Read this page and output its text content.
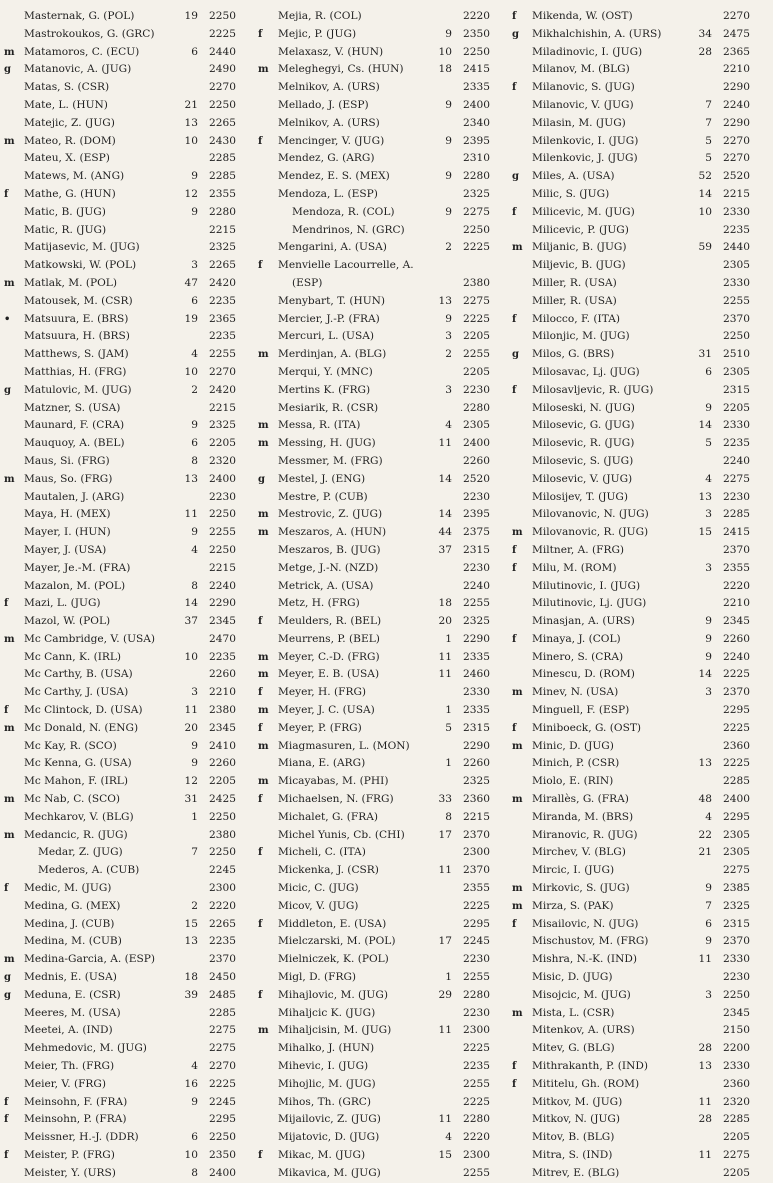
Masternak, G. (POL)	19	2250
Mastrokoukos, G. (GRC)	2225
m Matamoros, C. (ECU)	6	2440
g	Matanovic, A. (JUG)	2490
Matas, S. (CSR)	2270
Mate, L. (HUN)	21	2250
Matejic, Z. (JUG)	13	2265
m Mateo, R. (DOM)	10	2430
Mateu, X. (ESP)	2285
Matews, M. (ANG)	9	2285
f	Mathe, G. (HUN)	12	2355
Matic, B. (JUG)	9	2280
Matic, R. (JUG)	2215
Matijasevic, M. (JUG)	2325
Matkowski, W. (POL)	3	2265
m Matlak, M. (POL)	47	2420
Matousek, M. (CSR)	6	2235
•	Matsuura, E. (BRS)	19	2365
Matsuura, H. (BRS)	2235
Matthews, S. (JAM)	4	2255
Matthias, H. (FRG)	10	2270
g	Matulovic, M. (JUG)	2	2420
Matzner, S. (USA)	2215
Maunard, F. (CRA)	9	2325
Mauquoy, A. (BEL)	6	2205
Maus, Si. (FRG)	8	2320
m Maus, So. (FRG)	13	2400
Mautalen, J. (ARG)	2230
Maya, H. (MEX)	11	2250
Mayer, I. (HUN)	9	2255
Mayer, J. (USA)	4	2250
Mayer, Je.-M. (FRA)	2215
Mazalon, M. (POL)	8	2240
f	Mazi, L. (JUG)	14	2290
Mazol, W. (POL)	37	2345
m Mc Cambridge, V. (USA)	2470
Mc Cann, K. (IRL)	10	2235
Mc Carthy, B. (USA)	2260
Mc Carthy, J. (USA)	3	2210
f	Mc Clintock, D. (USA)	11	2380
m Mc Donald, N. (ENG)	20	2345
Mc Kay, R. (SCO)	9	2410
Mc Kenna, G. (USA)	9	2260
Mc Mahon, F. (IRL)	12	2205
m Mc Nab, C. (SCO)	31	2425
Mechkarov, V. (BLG)	1	2250
m Medancic, R. (JUG)	2380
Medar, Z. (JUG)	7	2250
Mederos, A. (CUB)	2245
f	Medic, M. (JUG)	2300
Medina, G. (MEX)	2	2220
Medina, J. (CUB)	15	2265
Medina, M. (CUB)	13	2235
m Medina-Garcia, A. (ESP)	2370
g	Mednis, E. (USA)	18	2450
g	Meduna, E. (CSR)	39	2485
Meeres, M. (USA)	2285
Meetei, A. (IND)	2275
Mehmedovic, M. (JUG)	2275
Meier, Th. (FRG)	4	2270
Meier, V. (FRG)	16	2225
f	Meinsohn, F. (FRA)	9	2245
f	Meinsohn, P. (FRA)	2295
Meissner, H.-J. (DDR)	6	2250
f	Meister, P. (FRG)	10	2350
Meister, Y. (URS)	8	2400
Mejia, R. (COL)	2220
f	Mejic, P. (JUG)	9	2350
Melaxasz, V. (HUN)	10	2250
m Meleghegyi, Cs. (HUN)	18	2415
Melnikov, A. (URS)	2335
Mellado, J. (ESP)	9	2400
Melnikov, A. (URS)	2340
f	Mencinger, V. (JUG)	9	2395
Mendez, G. (ARG)	2310
Mendez, E. S. (MEX)	9	2280
Mendoza, L. (ESP)	2325
Mendoza, R. (COL)	9	2275
Mendrinos, N. (GRC)	2250
Mengarini, A. (USA)	2	2225
f	Menvielle Lacourrelle, A.
(ESP)	2380
Menybart, T. (HUN)	13	2275
Mercier, J.-P. (FRA)	9	2225
Mercuri, L. (USA)	3	2205
m Merdinjan, A. (BLG)	2	2255
Merqui, Y. (MNC)	2205
Mertins K. (FRG)	3	2230
Mesiarik, R. (CSR)	2280
m Messa, R. (ITA)	4	2305
m Messing, H. (JUG)	11	2400
Messmer, M. (FRG)	2260
g	Mestel, J. (ENG)	14	2520
Mestre, P. (CUB)	2230
m Mestrovic, Z. (JUG)	14	2395
m Meszaros, A. (HUN)	44	2375
Meszaros, B. (JUG)	37	2315
Metge, J.-N. (NZD)	2230
Metrick, A. (USA)	2240
Metz, H. (FRG)	18	2255
f	Meulders, R. (BEL)	20	2325
Meurrens, P. (BEL)	1	2290
m Meyer, C.-D. (FRG)	11	2335
m Meyer, E. B. (USA)	11	2460
f	Meyer, H. (FRG)	2330
m Meyer, J. C. (USA)	1	2335
f	Meyer, P. (FRG)	5	2315
m Miagmasuren, L. (MON)	2290
Miana, E. (ARG)	1	2260
m Micayabas, M. (PHI)	2325
f	Michaelsen, N. (FRG)	33	2360
Michalet, G. (FRA)	8	2215
Michel Yunis, Cb. (CHI)	17	2370
f	Micheli, C. (ITA)	2300
Mickenka, J. (CSR)	11	2370
Micic, C. (JUG)	2355
Micov, V. (JUG)	2225
f	Middleton, E. (USA)	2295
Mielczarski, M. (POL)	17	2245
Mielniczek, K. (POL)	2230
Migl, D. (FRG)	1	2255
f	Mihajlovic, M. (JUG)	29	2280
Mihaljcic K. (JUG)	2230
m Mihaljcisin, M. (JUG)	11	2300
Mihalko, J. (HUN)	2225
Mihevic, I. (JUG)	2235
Mihojlic, M. (JUG)	2255
Mihos, Th. (GRC)	2225
Mijailovic, Z. (JUG)	11	2280
Mijatovic, D. (JUG)	4	2220
f	Mikac, M. (JUG)	15	2300
Mikavica, M. (JUG)	2255
f	Mikenda, W. (OST)	2270
g	Mikhalchishin, A. (URS)	34	2475
Miladinovic, I. (JUG)	28	2365
Milanov, M. (BLG)	2210
f	Milanovic, S. (JUG)	2290
Milanovic, V. (JUG)	7	2240
Milasin, M. (JUG)	7	2290
Milenkovic, I. (JUG)	5	2270
Milenkovic, J. (JUG)	5	2270
g	Miles, A. (USA)	52	2520
Milic, S. (JUG)	14	2215
f	Milicevic, M. (JUG)	10	2330
Milicevic, P. (JUG)	2235
m Miljanic, B. (JUG)	59	2440
Miljevic, B. (JUG)	2305
Miller, R. (USA)	2330
Miller, R. (USA)	2255
f	Milocco, F. (ITA)	2370
Milonjic, M. (JUG)	2250
g	Milos, G. (BRS)	31	2510
Milosavac, Lj. (JUG)	6	2305
f	Milosavljevic, R. (JUG)	2315
Miloseski, N. (JUG)	9	2205
Milosevic, G. (JUG)	14	2330
Milosevic, R. (JUG)	5	2235
Milosevic, S. (JUG)	2240
Milosevic, V. (JUG)	4	2275
Milosijev, T. (JUG)	13	2230
Milovanovic, N. (JUG)	3	2285
m Milovanovic, R. (JUG)	15	2415
f	Miltner, A. (FRG)	2370
f	Milu, M. (ROM)	3	2355
Milutinovic, I. (JUG)	2220
Milutinovic, Lj. (JUG)	2210
Minasjan, A. (URS)	9	2345
f	Minaya, J. (COL)	9	2260
Minero, S. (CRA)	9	2240
Minescu, D. (ROM)	14	2225
m Minev, N. (USA)	3	2370
Minguell, F. (ESP)	2295
f	Miniboeck, G. (OST)	2225
m Minic, D. (JUG)	2360
Minich, P. (CSR)	13	2225
Miolo, E. (RIN)	2285
m Mirallès, G. (FRA)	48	2400
Miranda, M. (BRS)	4	2295
Miranovic, R. (JUG)	22	2305
Mirchev, V. (BLG)	21	2305
Mircic, I. (JUG)	2275
m Mirkovic, S. (JUG)	9	2385
m Mirza, S. (PAK)	7	2325
f	Misailovic, N. (JUG)	6	2315
Mischustov, M. (FRG)	9	2370
Mishra, N.-K. (IND)	11	2330
Misic, D. (JUG)	2230
Misojcic, M. (JUG)	3	2250
m Mista, L. (CSR)	2345
Mitenkov, A. (URS)	2150
Mitev, G. (BLG)	28	2200
f	Mithrakanth, P. (IND)	13	2330
f	Mititelu, Gh. (ROM)	2360
Mitkov, M. (JUG)	11	2320
Mitkov, N. (JUG)	28	2285
Mitov, B. (BLG)	2205
Mitra, S. (IND)	11	2275
Mitrev, E. (BLG)	2205
